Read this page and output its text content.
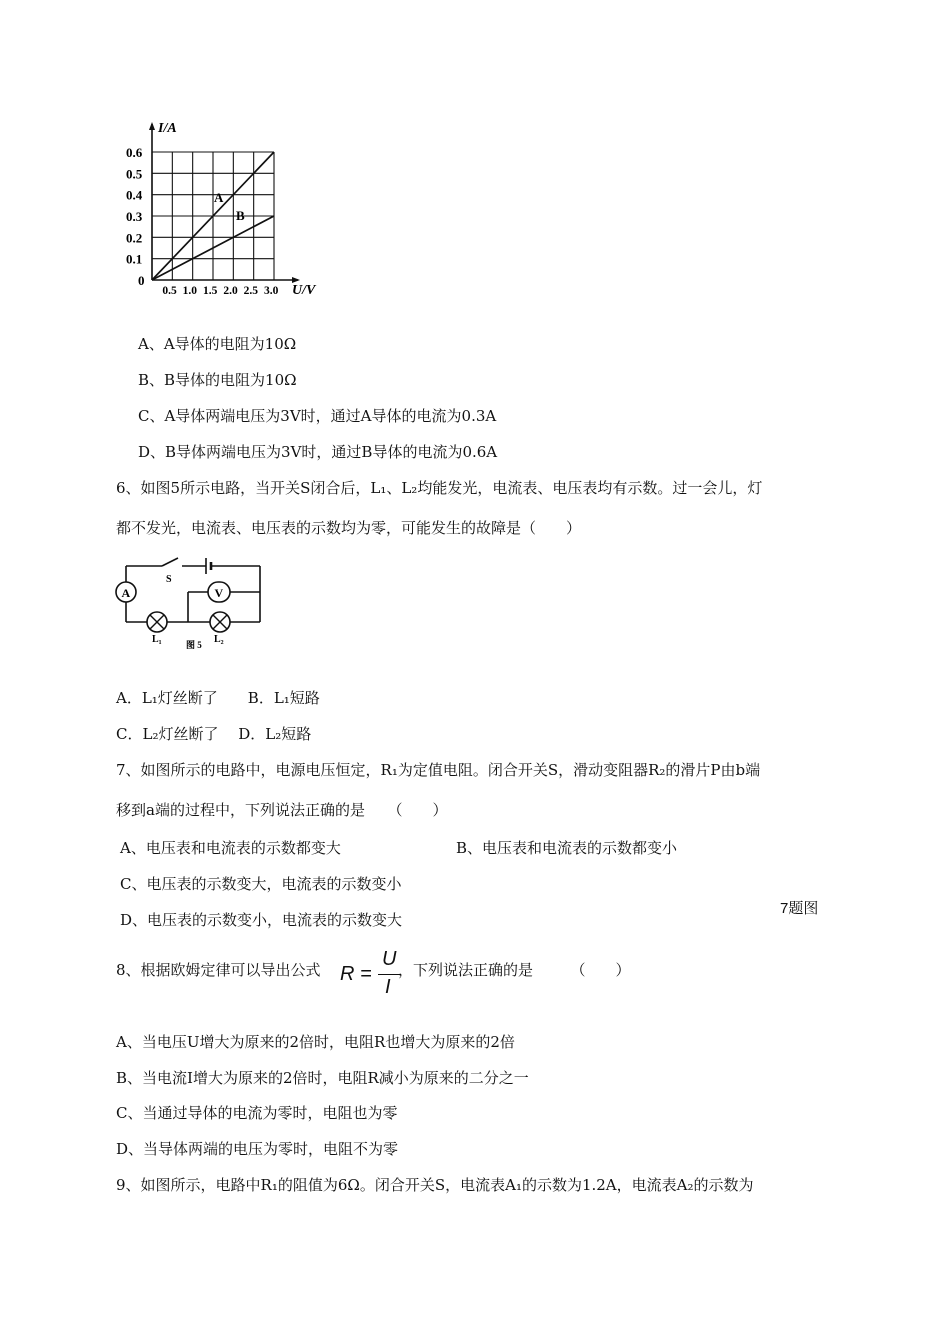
0.6
0.5
0.4
0.3
0.2
0.1
0
0.5 1.0 1.5 2.0 2.5 3.0
I/A
U/V
A
B
A、A导体的电阻为10Ω
B、B导体的电阻为10Ω
C、A导体两端电压为3V时，通过A导体的电流为0.3A
D、B导体两端电压为3V时，通过B导体的电流为0.6A
6、如图5所示电路，当开关S闭合后，L₁、L₂均能发光，电流表、电压表均有示数。过一会儿，灯
都不发光，电流表、电压表的示数均为零，可能发生的故障是（　　）
A	V
S
L₁	L₂
图 5
A．L₁灯丝断了　　B．L₁短路
C．L₂灯丝断了　 D．L₂短路
7、如图所示的电路中，电源电压恒定，R₁为定值电阻。闭合开关S，滑动变阻器R₂的滑片P由b端
移到a端的过程中，下列说法正确的是　　（　　）
A、电压表和电流表的示数都变大	B、电压表和电流表的示数都变小
C、电压表的示数变大，电流表的示数变小
D、电压表的示数变小，电流表的示数变大
7题图
8、根据欧姆定律可以导出公式 R =
U
I
，下列说法正确的是　　　（　　）
A、当电压U增大为原来的2倍时，电阻R也增大为原来的2倍
B、当电流I增大为原来的2倍时，电阻R减小为原来的二分之一
C、当通过导体的电流为零时，电阻也为零
D、当导体两端的电压为零时，电阻不为零
9、如图所示，电路中R₁的阻值为6Ω。闭合开关S，电流表A₁的示数为1.2A，电流表A₂的示数为
